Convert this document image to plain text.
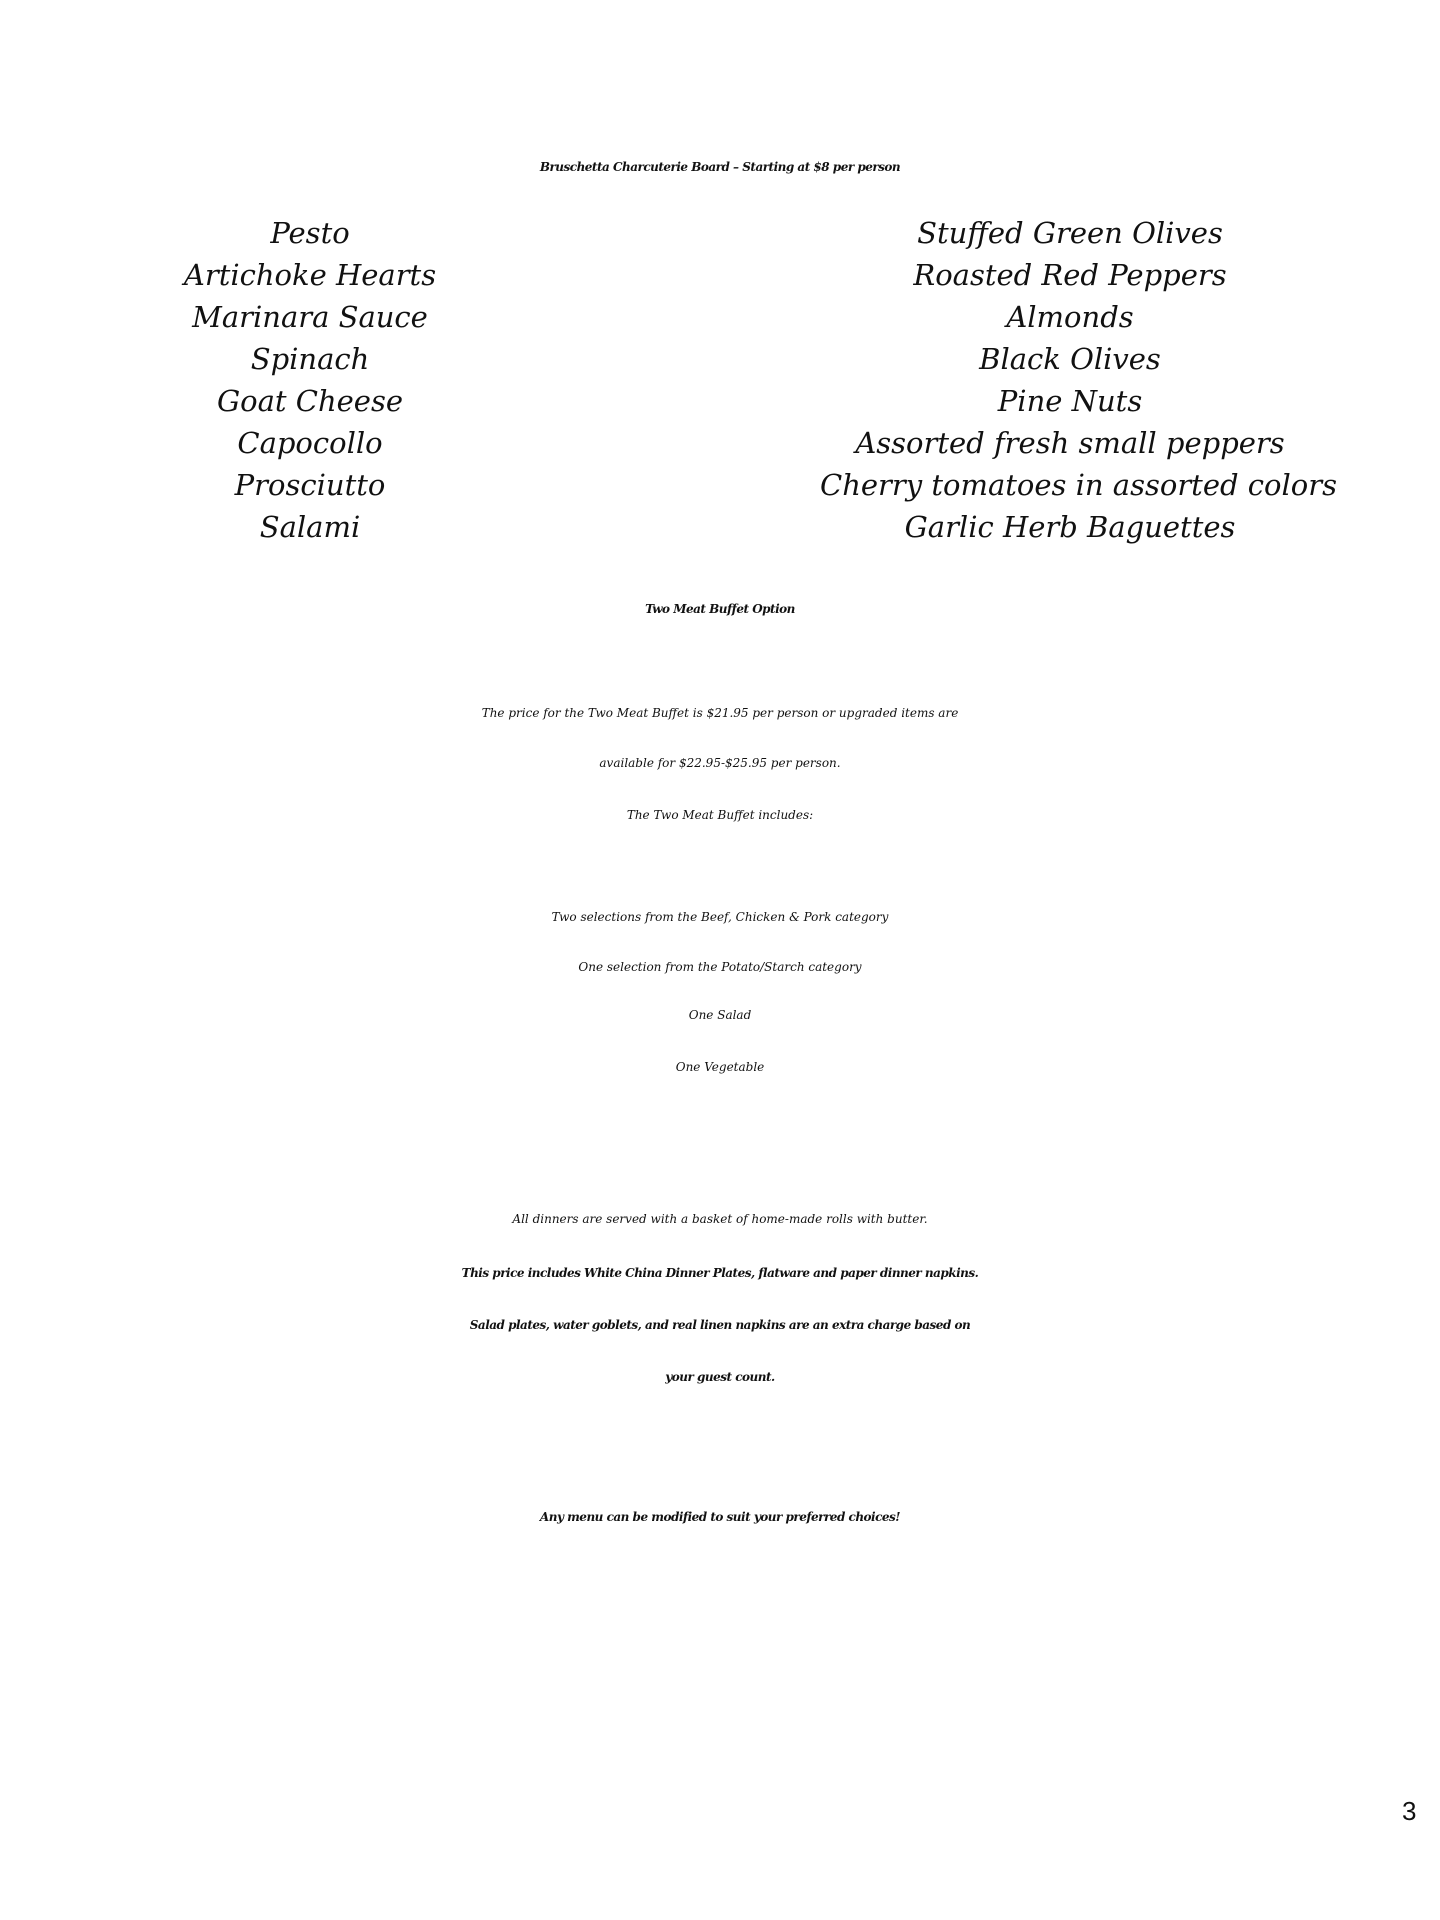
Bruschetta Charcuterie Board – Starting at $8 per person
Pesto
Artichoke Hearts
Marinara Sauce
Spinach
Goat Cheese
Capocollo
Prosciutto
Salami
Stuffed Green Olives
Roasted Red Peppers
Almonds
Black Olives
Pine Nuts
Assorted fresh small peppers
Cherry tomatoes in assorted colors
Garlic Herb Baguettes
Two Meat Buffet Option
The price for the Two Meat Buffet is $21.95 per person or upgraded items are
available for $22.95-$25.95 per person.
The Two Meat Buffet includes:
Two selections from the Beef, Chicken & Pork category
One selection from the Potato/Starch category
One Salad
One Vegetable
All dinners are served with a basket of home-made rolls with butter.
This price includes White China Dinner Plates, flatware and paper dinner napkins.
Salad plates, water goblets, and real linen napkins are an extra charge based on
your guest count.
Any menu can be modified to suit your preferred choices!
3
